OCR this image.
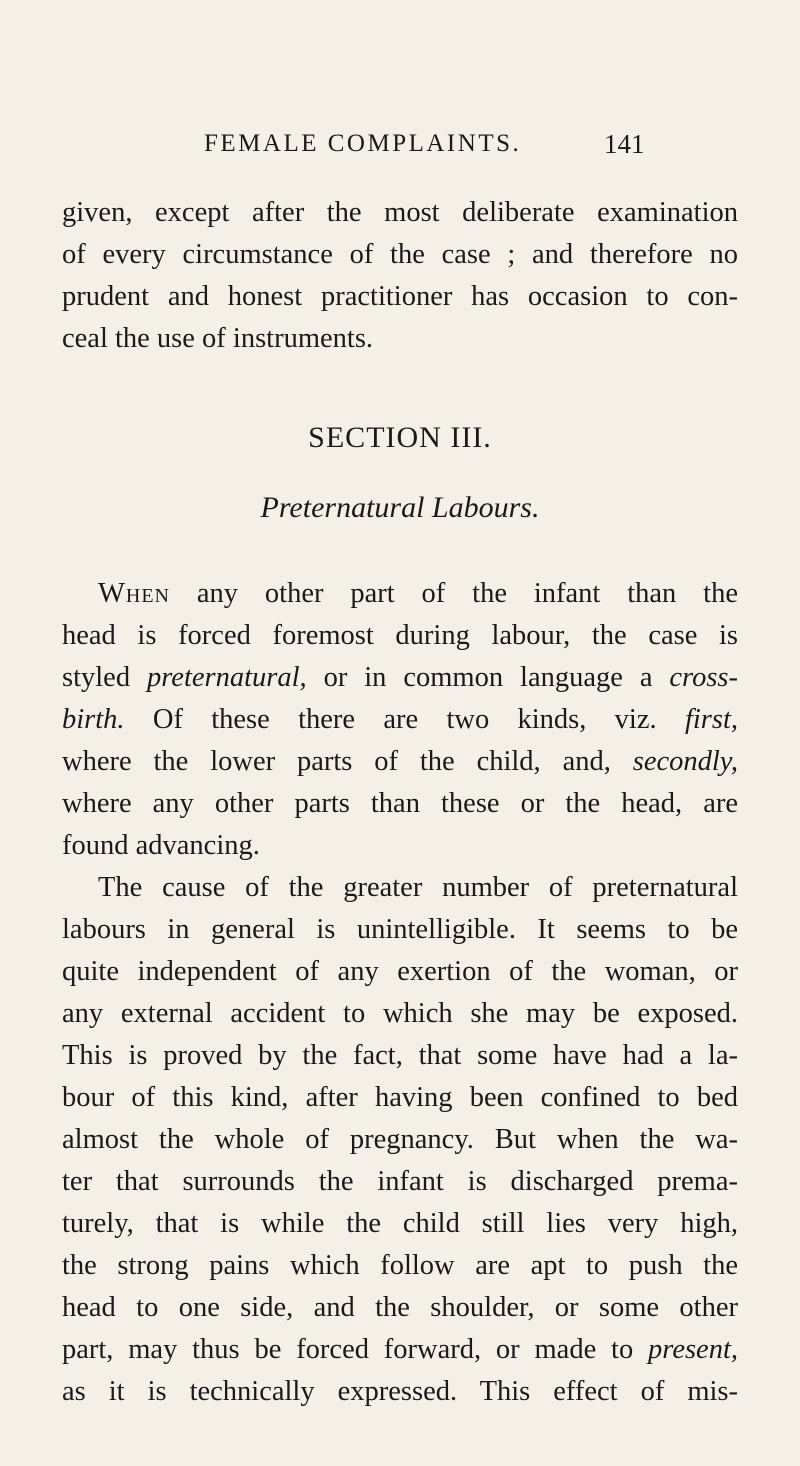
FEMALE COMPLAINTS.	141
given, except after the most deliberate examination
of every circumstance of the case ; and therefore no
prudent and honest practitioner has occasion to con-
ceal the use of instruments.
SECTION III.
Preternatural Labours.
When any other part of the infant than the
head is forced foremost during labour, the case is
styled preternatural, or in common language a cross-
birth. Of these there are two kinds, viz. first,
where the lower parts of the child, and, secondly,
where any other parts than these or the head, are
found advancing.
The cause of the greater number of preternatural
labours in general is unintelligible. It seems to be
quite independent of any exertion of the woman, or
any external accident to which she may be exposed.
This is proved by the fact, that some have had a la-
bour of this kind, after having been confined to bed
almost the whole of pregnancy. But when the wa-
ter that surrounds the infant is discharged prema-
turely, that is while the child still lies very high,
the strong pains which follow are apt to push the
head to one side, and the shoulder, or some other
part, may thus be forced forward, or made to present,
as it is technically expressed. This effect of mis-
